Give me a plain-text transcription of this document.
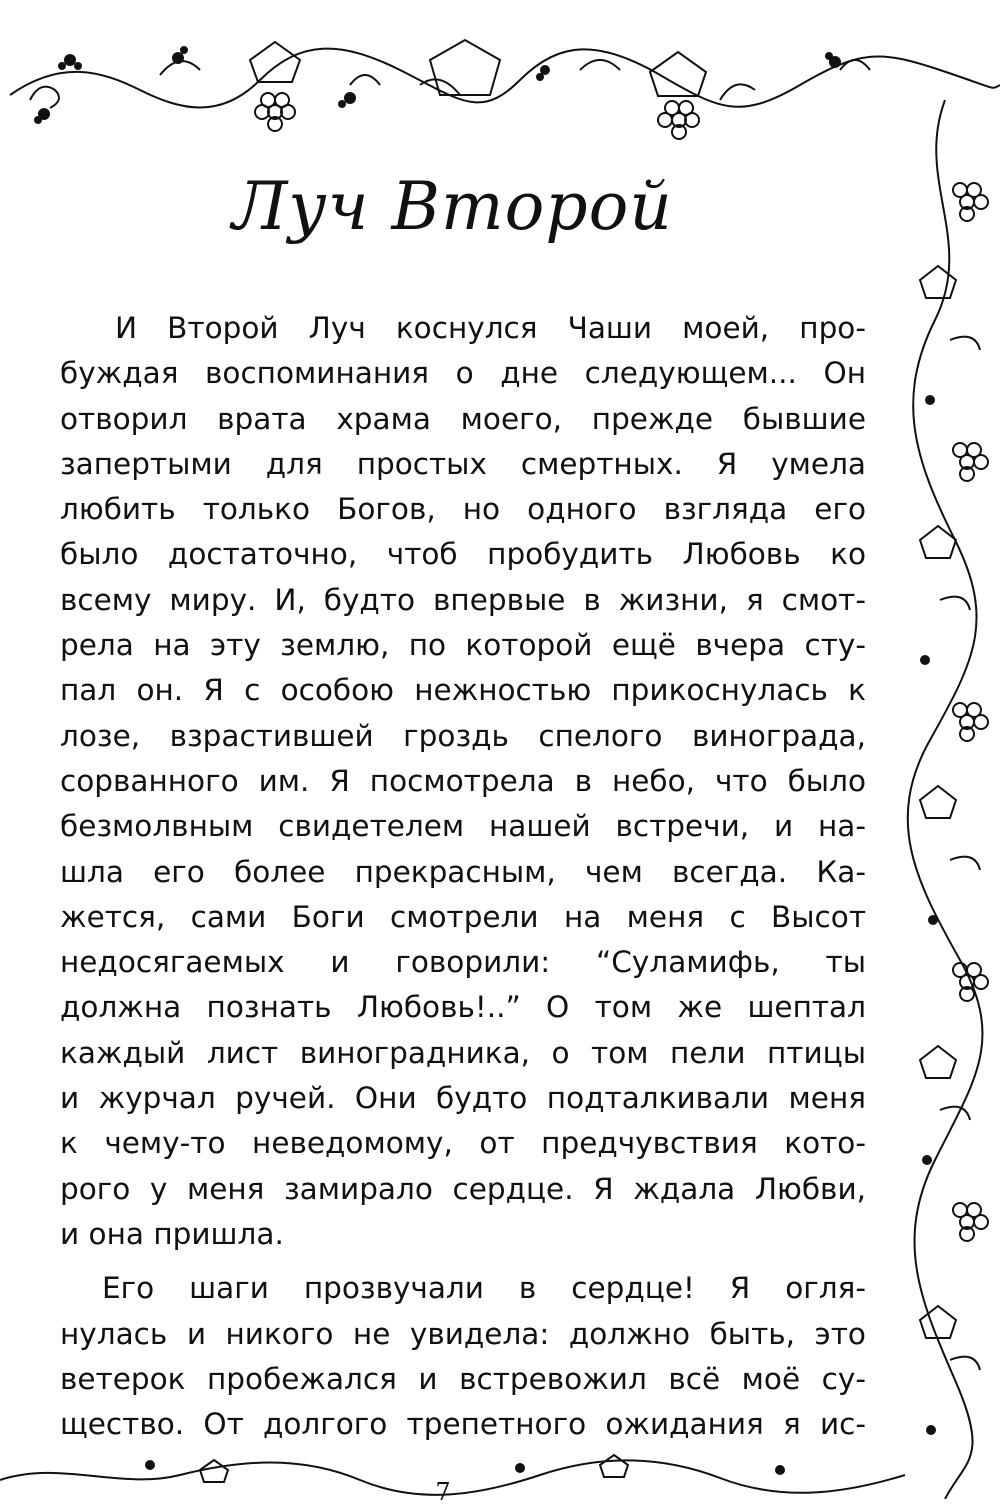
Луч Второй
И Второй Луч коснулся Чаши моей, про-
буждая воспоминания о дне следующем... Он
отворил врата храма моего, прежде бывшие
запертыми для простых смертных. Я умела
любить только Богов, но одного взгляда его
было достаточно, чтоб пробудить Любовь ко
всему миру. И, будто впервые в жизни, я смот-
рела на эту землю, по которой ещё вчера сту-
пал он. Я с особою нежностью прикоснулась к
лозе, взрастившей гроздь спелого винограда,
сорванного им. Я посмотрела в небо, что было
безмолвным свидетелем нашей встречи, и на-
шла его более прекрасным, чем всегда. Ка-
жется, сами Боги смотрели на меня с Высот
недосягаемых и говорили: “Суламифь, ты
должна познать Любовь!..” О том же шептал
каждый лист виноградника, о том пели птицы
и журчал ручей. Они будто подталкивали меня
к чему-то неведомому, от предчувствия кото-
рого у меня замирало сердце. Я ждала Любви,
и она пришла.
Его шаги прозвучали в сердце! Я огля-
нулась и никого не увидела: должно быть, это
ветерок пробежался и встревожил всё моё су-
щество. От долгого трепетного ожидания я ис-
7
